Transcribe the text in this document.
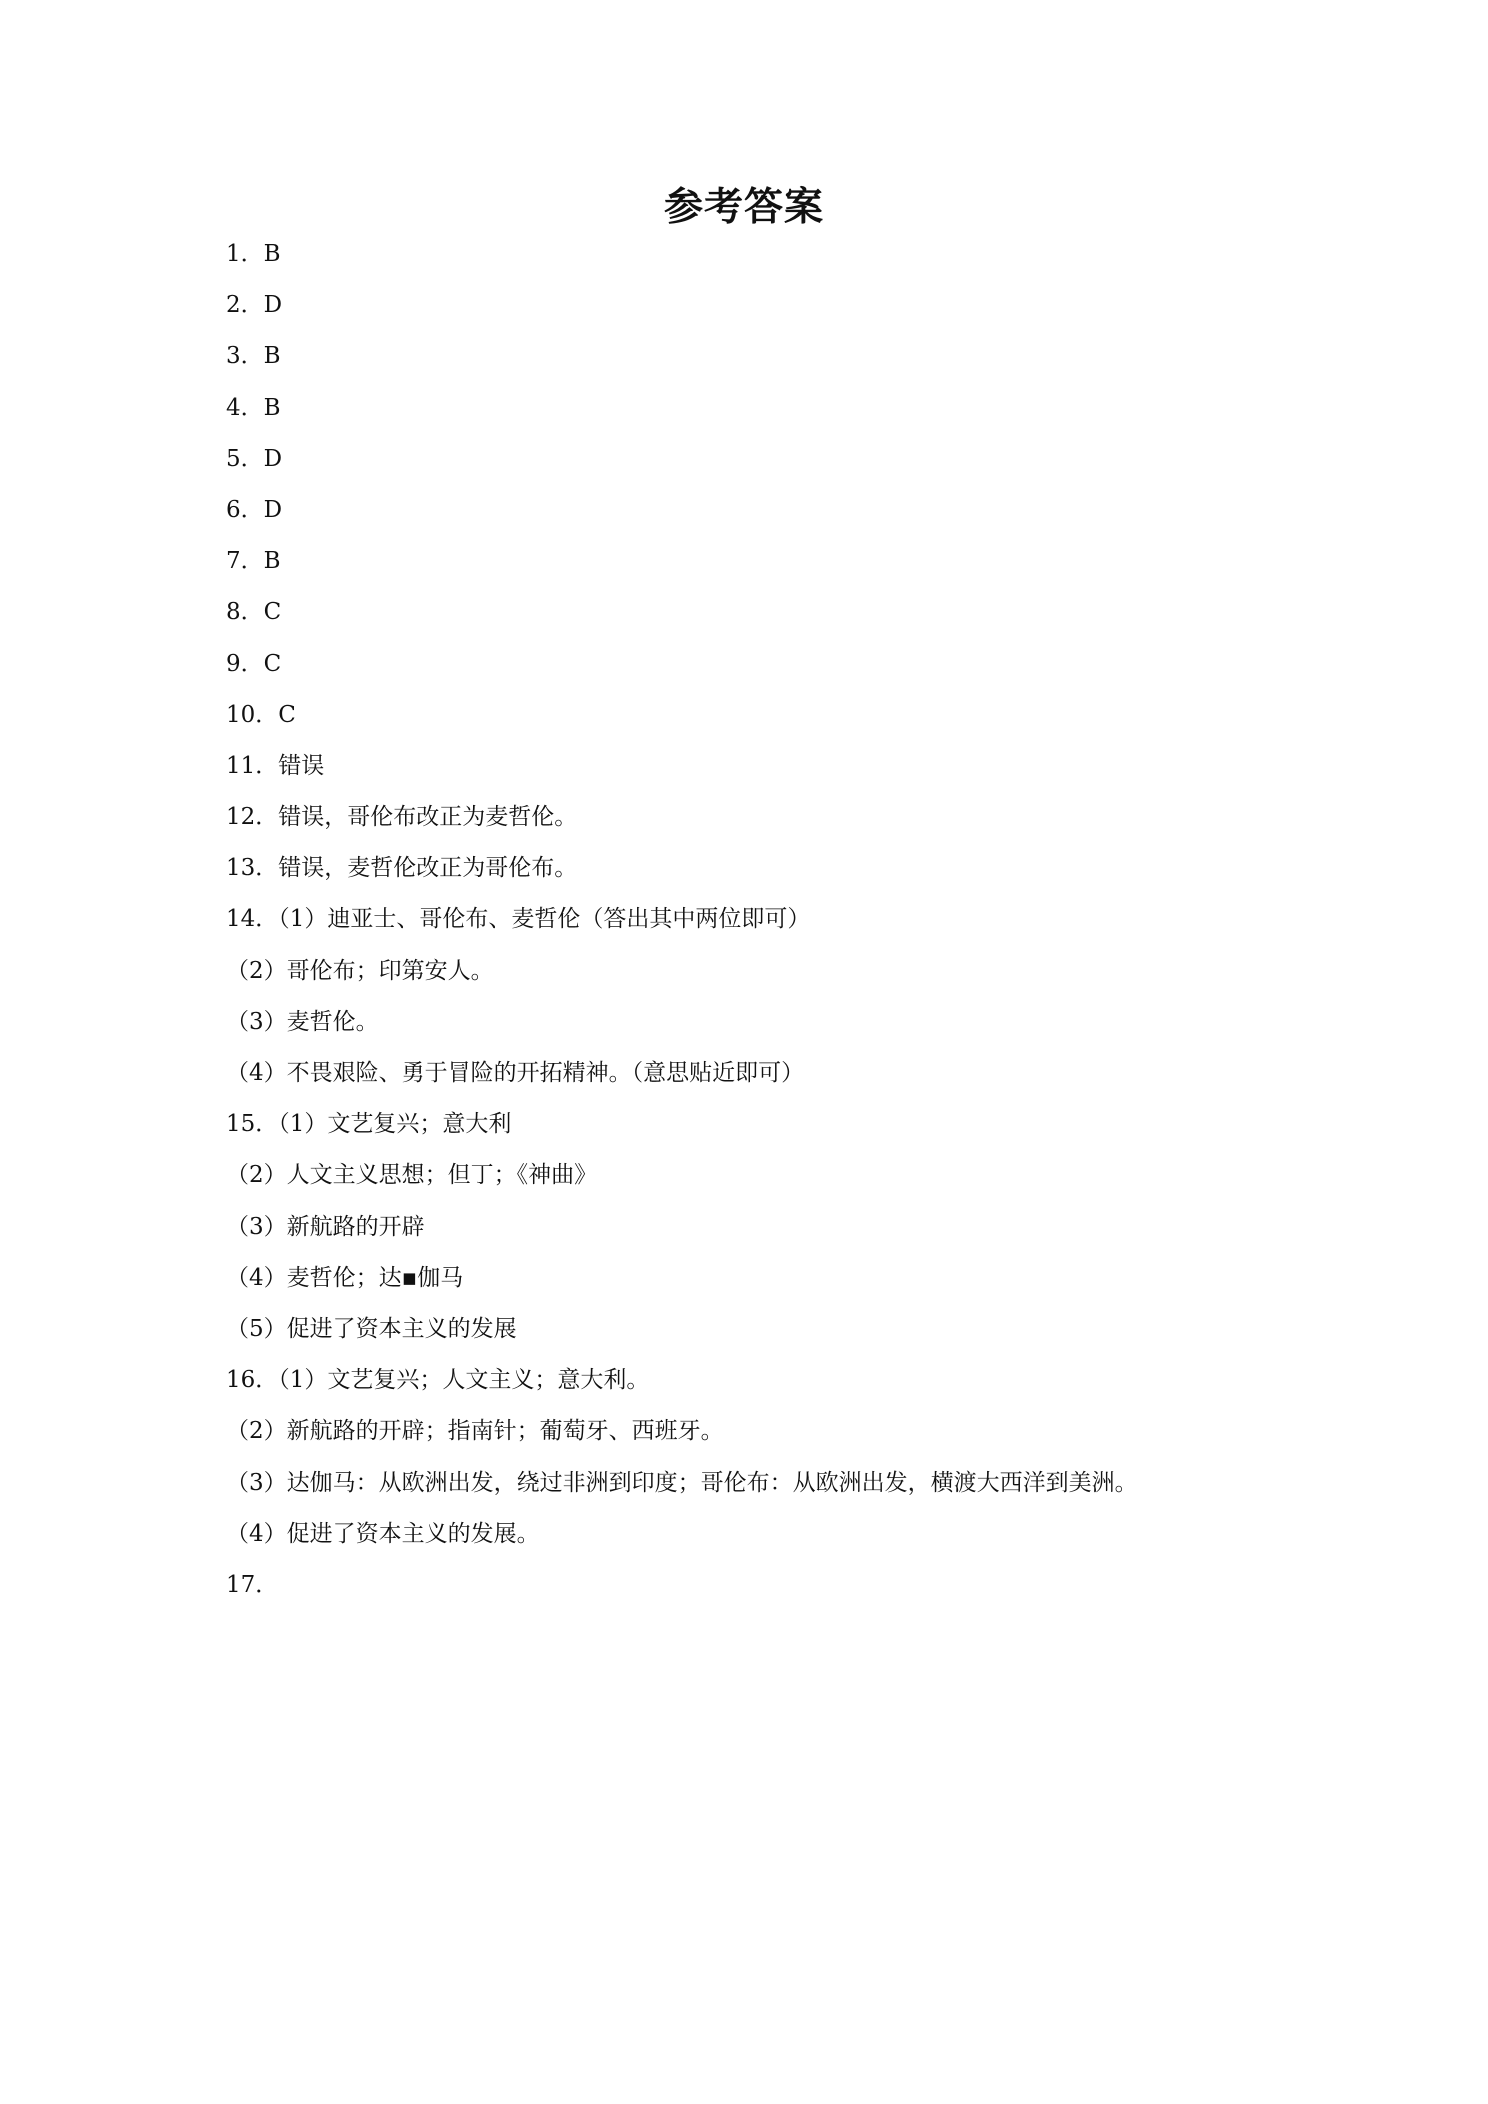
参考答案
1．B
2．D
3．B
4．B
5．D
6．D
7．B
8．C
9．C
10．C
11．错误
12．错误，哥伦布改正为麦哲伦。
13．错误，麦哲伦改正为哥伦布。
14．（1）迪亚士、哥伦布、麦哲伦（答出其中两位即可）
（2）哥伦布；印第安人。
（3）麦哲伦。
（4）不畏艰险、勇于冒险的开拓精神。（意思贴近即可）
15．（1）文艺复兴；意大利
（2）人文主义思想；但丁；《神曲》
（3）新航路的开辟
（4）麦哲伦；达▪伽马
（5）促进了资本主义的发展
16．（1）文艺复兴；人文主义；意大利。
（2）新航路的开辟；指南针；葡萄牙、西班牙。
（3）达伽马：从欧洲出发，绕过非洲到印度；哥伦布：从欧洲出发，横渡大西洋到美洲。
（4）促进了资本主义的发展。
17．
